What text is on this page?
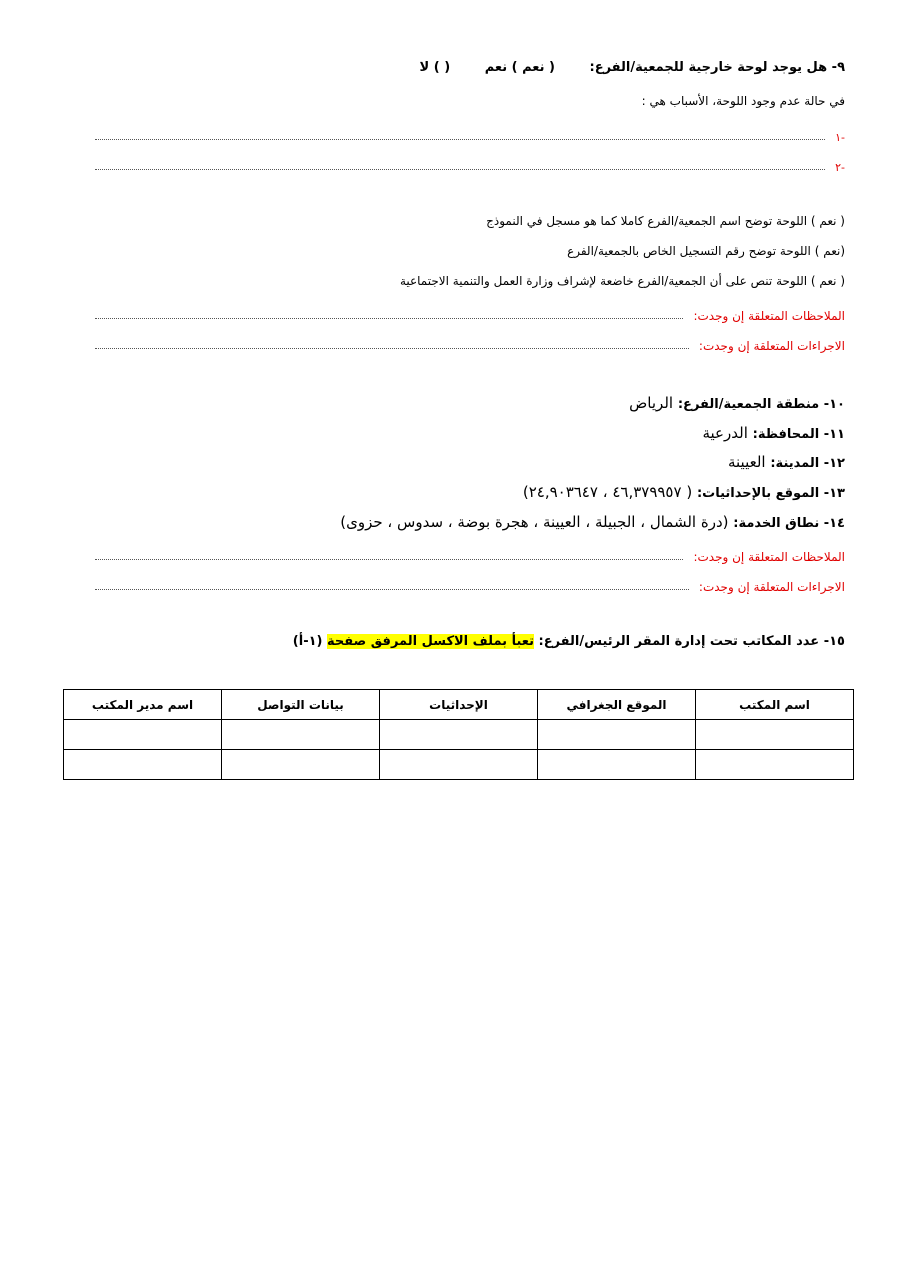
٩- هل يوجد لوحة خارجية للجمعية/الفرع: ( نعم ) نعم ( ) لا
في حالة عدم وجود اللوحة، الأسباب هي :
-١
-٢
( نعم ) اللوحة توضح اسم الجمعية/الفرع كاملا كما هو مسجل في النموذج
(نعم ) اللوحة توضح رقم التسجيل الخاص بالجمعية/الفرع
( نعم ) اللوحة تنص على أن الجمعية/الفرع خاضعة لإشراف وزارة العمل والتنمية الاجتماعية
الملاحظات المتعلقة إن وجدت:
الاجراءات المتعلقة إن وجدت:
١٠- منطقة الجمعية/الفرع: الرياض
١١- المحافظة: الدرعية
١٢- المدينة: العيينة
١٣- الموقع بالإحداثيات: ( ٤٦,٣٧٩٩٥٧ ، ٢٤,٩٠٣٦٤٧)
١٤- نطاق الخدمة: (درة الشمال ، الجبيلة ، العيينة ، هجرة بوضة ، سدوس ، حزوى)
الملاحظات المتعلقة إن وجدت:
الاجراءات المتعلقة إن وجدت:
١٥- عدد المكاتب تحت إدارة المقر الرئيس/الفرع: تعبأ بملف الاكسل المرفق صفحة (١-أ)
اسم المكتب	الموقع الجغرافي	الإحداثيات	بيانات التواصل	اسم مدير المكتب
